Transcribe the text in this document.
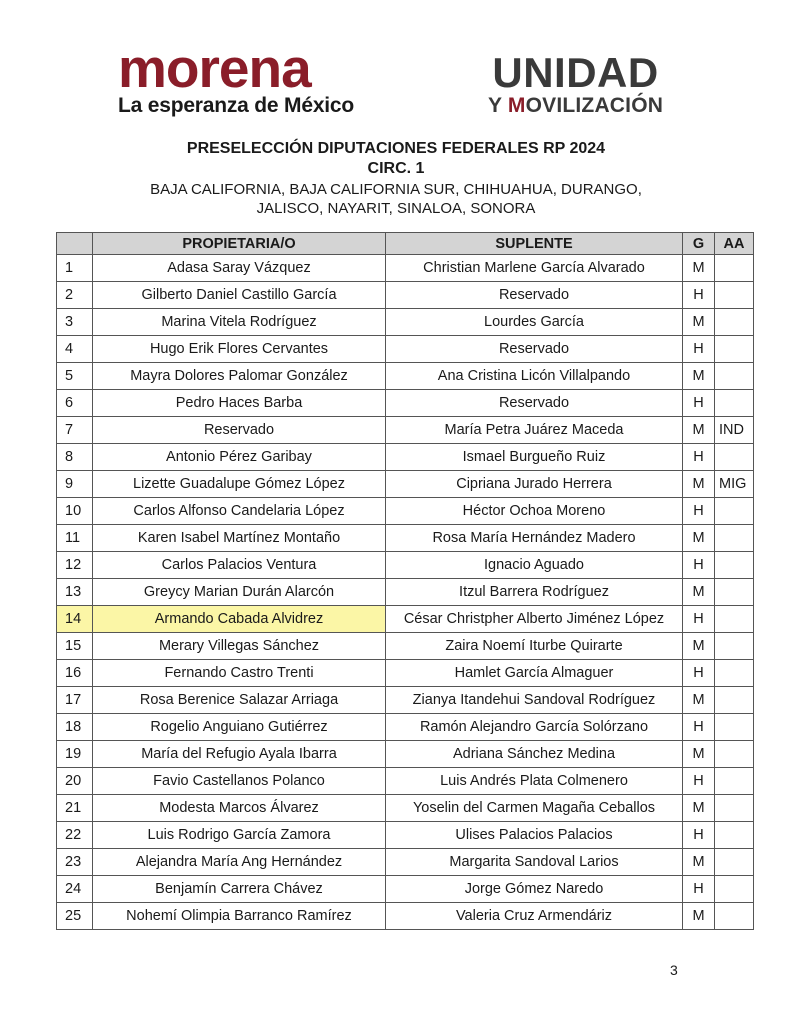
morena
La esperanza de México
UNIDAD
Y MOVILIZACIÓN
PRESELECCIÓN DIPUTACIONES FEDERALES RP 2024
CIRC. 1
BAJA CALIFORNIA, BAJA CALIFORNIA SUR, CHIHUAHUA, DURANGO,
JALISCO, NAYARIT, SINALOA, SONORA
	PROPIETARIA/O	SUPLENTE	G	AA
1	Adasa Saray Vázquez	Christian Marlene García Alvarado	M	
2	Gilberto Daniel Castillo García	Reservado	H	
3	Marina Vitela Rodríguez	Lourdes García	M	
4	Hugo Erik Flores Cervantes	Reservado	H	
5	Mayra Dolores Palomar González	Ana Cristina Licón Villalpando	M	
6	Pedro Haces Barba	Reservado	H	
7	Reservado	María Petra Juárez Maceda	M	IND
8	Antonio Pérez Garibay	Ismael Burgueño Ruiz	H	
9	Lizette Guadalupe Gómez López	Cipriana Jurado Herrera	M	MIG
10	Carlos Alfonso Candelaria López	Héctor Ochoa Moreno	H	
11	Karen Isabel Martínez Montaño	Rosa María Hernández Madero	M	
12	Carlos Palacios Ventura	Ignacio Aguado	H	
13	Greycy Marian Durán Alarcón	Itzul Barrera Rodríguez	M	
14	Armando Cabada Alvidrez	César Christpher Alberto Jiménez López	H	
15	Merary Villegas Sánchez	Zaira Noemí Iturbe Quirarte	M	
16	Fernando Castro Trenti	Hamlet García Almaguer	H	
17	Rosa Berenice Salazar Arriaga	Zianya Itandehui Sandoval Rodríguez	M	
18	Rogelio Anguiano Gutiérrez	Ramón Alejandro García Solórzano	H	
19	María del Refugio Ayala Ibarra	Adriana Sánchez Medina	M	
20	Favio Castellanos Polanco	Luis Andrés Plata Colmenero	H	
21	Modesta Marcos Álvarez	Yoselin del Carmen Magaña Ceballos	M	
22	Luis Rodrigo García Zamora	Ulises Palacios Palacios	H	
23	Alejandra María Ang Hernández	Margarita Sandoval Larios	M	
24	Benjamín Carrera Chávez	Jorge Gómez Naredo	H	
25	Nohemí Olimpia Barranco Ramírez	Valeria Cruz Armendáriz	M	
3
